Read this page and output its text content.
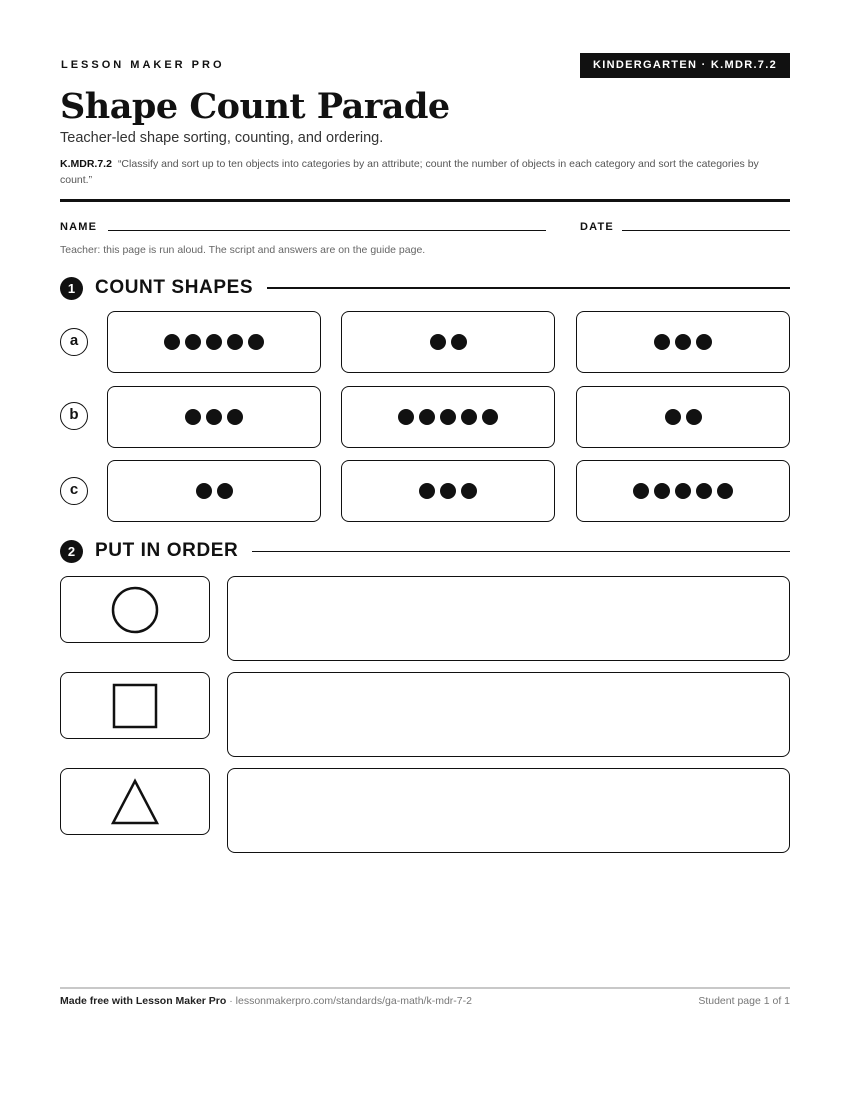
LESSON MAKER PRO	KINDERGARTEN · K.MDR.7.2
Shape Count Parade
Teacher-led shape sorting, counting, and ordering.
K.MDR.7.2 “Classify and sort up to ten objects into categories by an attribute; count the number of objects in each category and sort the categories by count.”
NAME	DATE
Teacher: this page is run aloud. The script and answers are on the guide page.
1	COUNT SHAPES
a
b
c
2	PUT IN ORDER
Made free with Lesson Maker Pro · lessonmakerpro.com/standards/ga-math/k-mdr-7-2	Student page 1 of 1
